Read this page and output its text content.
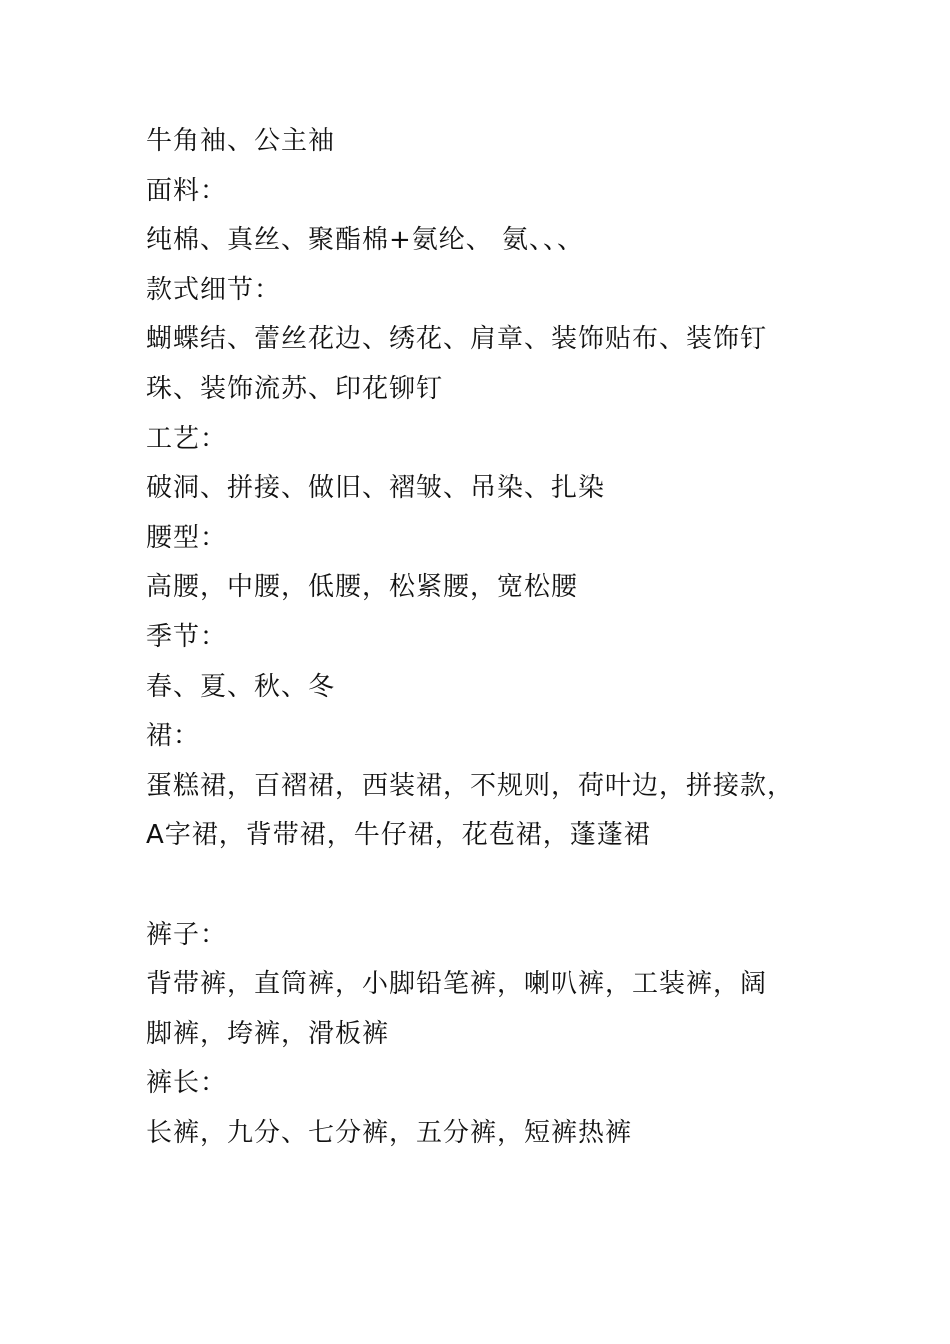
牛角袖、公主袖
面料：
纯棉、真丝、聚酯棉+氨纶、 氨、、、
款式细节：
蝴蝶结、蕾丝花边、绣花、肩章、装饰贴布、装饰钉
珠、装饰流苏、印花铆钉
工艺：
破洞、拼接、做旧、褶皱、吊染、扎染
腰型：
高腰，中腰，低腰，松紧腰，宽松腰
季节：
春、夏、秋、冬
裙：
蛋糕裙，百褶裙，西装裙，不规则，荷叶边，拼接款，
A字裙，背带裙，牛仔裙，花苞裙，蓬蓬裙
裤子：
背带裤，直筒裤，小脚铅笔裤，喇叭裤，工装裤，阔
脚裤，垮裤，滑板裤
裤长：
长裤，九分、七分裤，五分裤，短裤热裤
